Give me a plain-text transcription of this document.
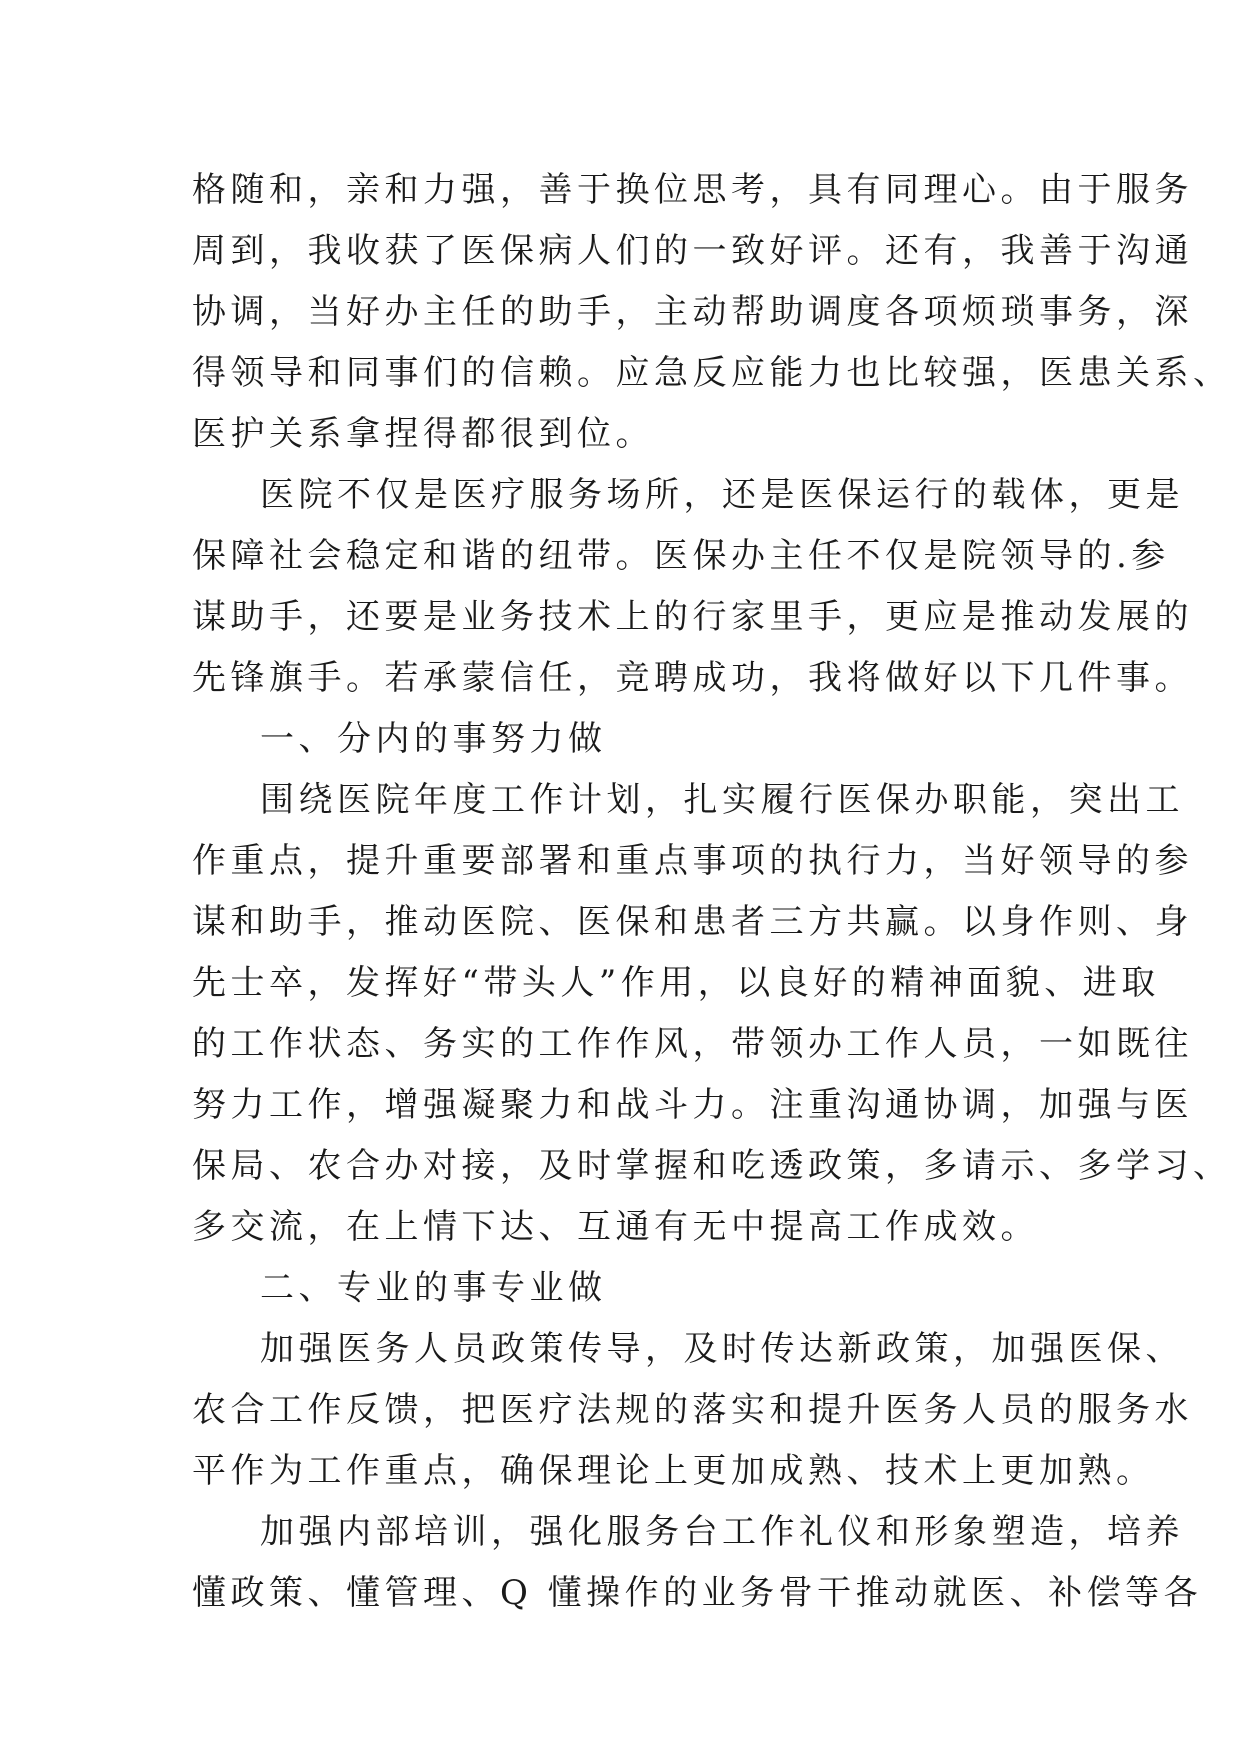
格随和，亲和力强，善于换位思考，具有同理心。由于服务
周到，我收获了医保病人们的一致好评。还有，我善于沟通
协调，当好办主任的助手，主动帮助调度各项烦琐事务，深
得领导和同事们的信赖。应急反应能力也比较强，医患关系、
医护关系拿捏得都很到位。
医院不仅是医疗服务场所，还是医保运行的载体，更是
保障社会稳定和谐的纽带。医保办主任不仅是院领导的.参
谋助手，还要是业务技术上的行家里手，更应是推动发展的
先锋旗手。若承蒙信任，竞聘成功，我将做好以下几件事。
一、分内的事努力做
围绕医院年度工作计划，扎实履行医保办职能，突出工
作重点，提升重要部署和重点事项的执行力，当好领导的参
谋和助手，推动医院、医保和患者三方共赢。以身作则、身
先士卒，发挥好“带头人”作用，以良好的精神面貌、进取
的工作状态、务实的工作作风，带领办工作人员，一如既往
努力工作，增强凝聚力和战斗力。注重沟通协调，加强与医
保局、农合办对接，及时掌握和吃透政策，多请示、多学习、
多交流，在上情下达、互通有无中提高工作成效。
二、专业的事专业做
加强医务人员政策传导，及时传达新政策，加强医保、
农合工作反馈，把医疗法规的落实和提升医务人员的服务水
平作为工作重点，确保理论上更加成熟、技术上更加熟。
加强内部培训，强化服务台工作礼仪和形象塑造，培养
懂政策、懂管理、Q 懂操作的业务骨干推动就医、补偿等各
